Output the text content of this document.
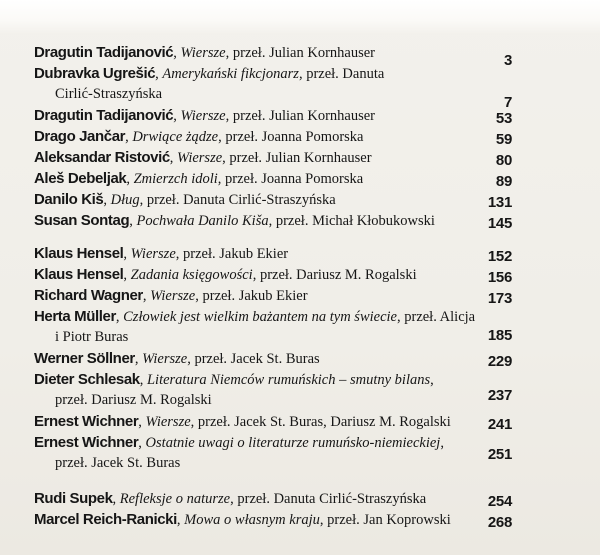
Dragutin Tadijanović, Wiersze, przeł. Julian Kornhauser	3
Dubravka Ugrešić, Amerykański fikcjonarz, przeł. Danuta
Cirlić-Straszyńska	7
Dragutin Tadijanović, Wiersze, przeł. Julian Kornhauser	53
Drago Jančar, Drwiące żądze, przeł. Joanna Pomorska	59
Aleksandar Ristović, Wiersze, przeł. Julian Kornhauser	80
Aleš Debeljak, Zmierzch idoli, przeł. Joanna Pomorska	89
Danilo Kiš, Dług, przeł. Danuta Cirlić-Straszyńska	131
Susan Sontag, Pochwała Danilo Kiša, przeł. Michał Kłobukowski	145
Klaus Hensel, Wiersze, przeł. Jakub Ekier	152
Klaus Hensel, Zadania księgowości, przeł. Dariusz M. Rogalski	156
Richard Wagner, Wiersze, przeł. Jakub Ekier	173
Herta Müller, Człowiek jest wielkim bażantem na tym świecie, przeł. Alicja
i Piotr Buras	185
Werner Söllner, Wiersze, przeł. Jacek St. Buras	229
Dieter Schlesak, Literatura Niemców rumuńskich – smutny bilans,
przeł. Dariusz M. Rogalski	237
Ernest Wichner, Wiersze, przeł. Jacek St. Buras, Dariusz M. Rogalski 241
Ernest Wichner, Ostatnie uwagi o literaturze rumuńsko-niemieckiej,
przeł. Jacek St. Buras	251
Rudi Supek, Refleksje o naturze, przeł. Danuta Cirlić-Straszyńska	254
Marcel Reich-Ranicki, Mowa o własnym kraju, przeł. Jan Koprowski 268
